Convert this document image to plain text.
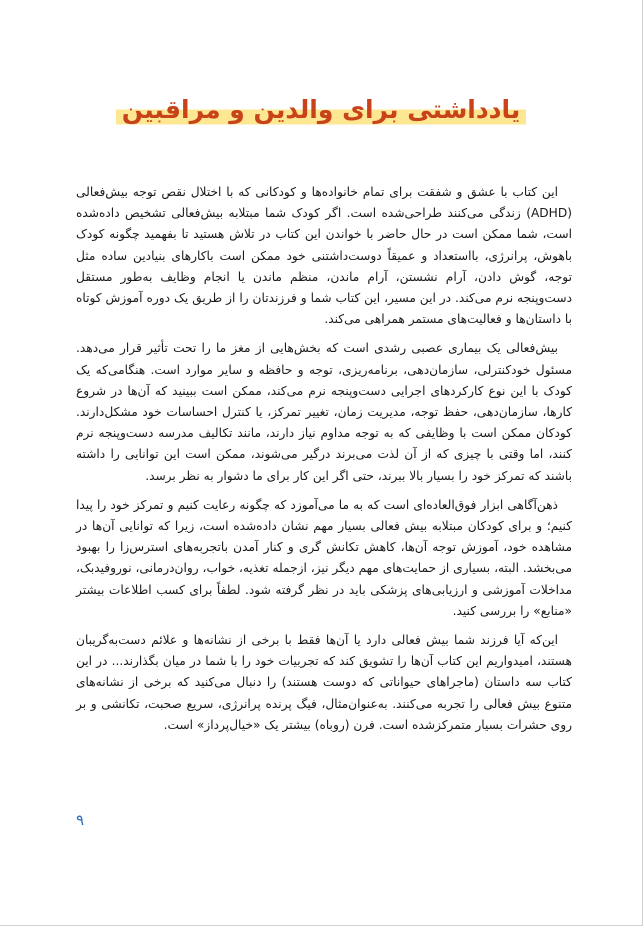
یادداشتی برای والدین و مراقبین

این کتاب با عشق و شفقت برای تمام خانواده‌ها و کودکانی که با اختلال نقص توجه بیش‌فعالی (ADHD) زندگی می‌کنند طراحی‌شده است. اگر کودک شما مبتلابه بیش‌فعالی تشخیص داده‌شده است، شما ممکن است در حال حاضر با خواندن این کتاب در تلاش هستید تا بفهمید چگونه کودک باهوش، پرانرژی، بااستعداد و عمیقاً دوست‌داشتنی خود ممکن است باکارهای بنیادین ساده مثل توجه، گوش دادن، آرام نشستن، آرام ماندن، منظم ماندن یا انجام وظایف به‌طور مستقل دست‌وپنجه نرم می‌کند. در این مسیر، این کتاب شما و فرزندتان را از طریق یک دوره آموزش کوتاه با داستان‌ها و فعالیت‌های مستمر همراهی می‌کند.

بیش‌فعالی یک بیماری عصبی رشدی است که بخش‌هایی از مغز ما را تحت تأثیر قرار می‌دهد. مسئول خودکنترلی، سازمان‌دهی، برنامه‌ریزی، توجه و حافظه و سایر موارد است. هنگامی‌که یک کودک با این نوع کارکردهای اجرایی دست‌وپنجه نرم می‌کند، ممکن است ببینید که آن‌ها در شروع کارها، سازمان‌دهی، حفظ توجه، مدیریت زمان، تغییر تمرکز، یا کنترل احساسات خود مشکل‌دارند. کودکان ممکن است با وظایفی که به توجه مداوم نیاز دارند، مانند تکالیف مدرسه دست‌وپنجه نرم کنند، اما وقتی با چیزی که از آن لذت می‌برند درگیر می‌شوند، ممکن است این توانایی را داشته باشند که تمرکز خود را بسیار بالا ببرند، حتی اگر این کار برای ما دشوار به نظر برسد.

ذهن‌آگاهی ابزار فوق‌العاده‌ای است که به ما می‌آموزد که چگونه رعایت کنیم و تمرکز خود را پیدا کنیم؛ و برای کودکان مبتلابه بیش فعالی بسیار مهم نشان داده‌شده است، زیرا که توانایی آن‌ها در مشاهده خود، آموزش توجه آن‌ها، کاهش تکانش گری و کنار آمدن باتجربه‌های استرس‌زا را بهبود می‌بخشد. البته، بسیاری از حمایت‌های مهم دیگر نیز، ازجمله تغذیه، خواب، روان‌درمانی، نوروفیدبک، مداخلات آموزشی و ارزیابی‌های پزشکی باید در نظر گرفته شود. لطفاً برای کسب اطلاعات بیشتر «منابع» را بررسی کنید.

این‌که آیا فرزند شما بیش فعالی دارد یا آن‌ها فقط با برخی از نشانه‌ها و علائم دست‌به‌گریبان هستند، امیدواریم این کتاب آن‌ها را تشویق کند که تجربیات خود را با شما در میان بگذارند... در این کتاب سه داستان (ماجراهای حیواناتی که دوست هستند) را دنبال می‌کنید که برخی از نشانه‌های متنوع بیش فعالی را تجربه می‌کنند. به‌عنوان‌مثال، فیگ پرنده پرانرژی، سریع صحبت، تکانشی و بر روی حشرات بسیار متمرکزشده است. فرن (روباه) بیشتر یک «خیال‌پرداز» است.

۹
